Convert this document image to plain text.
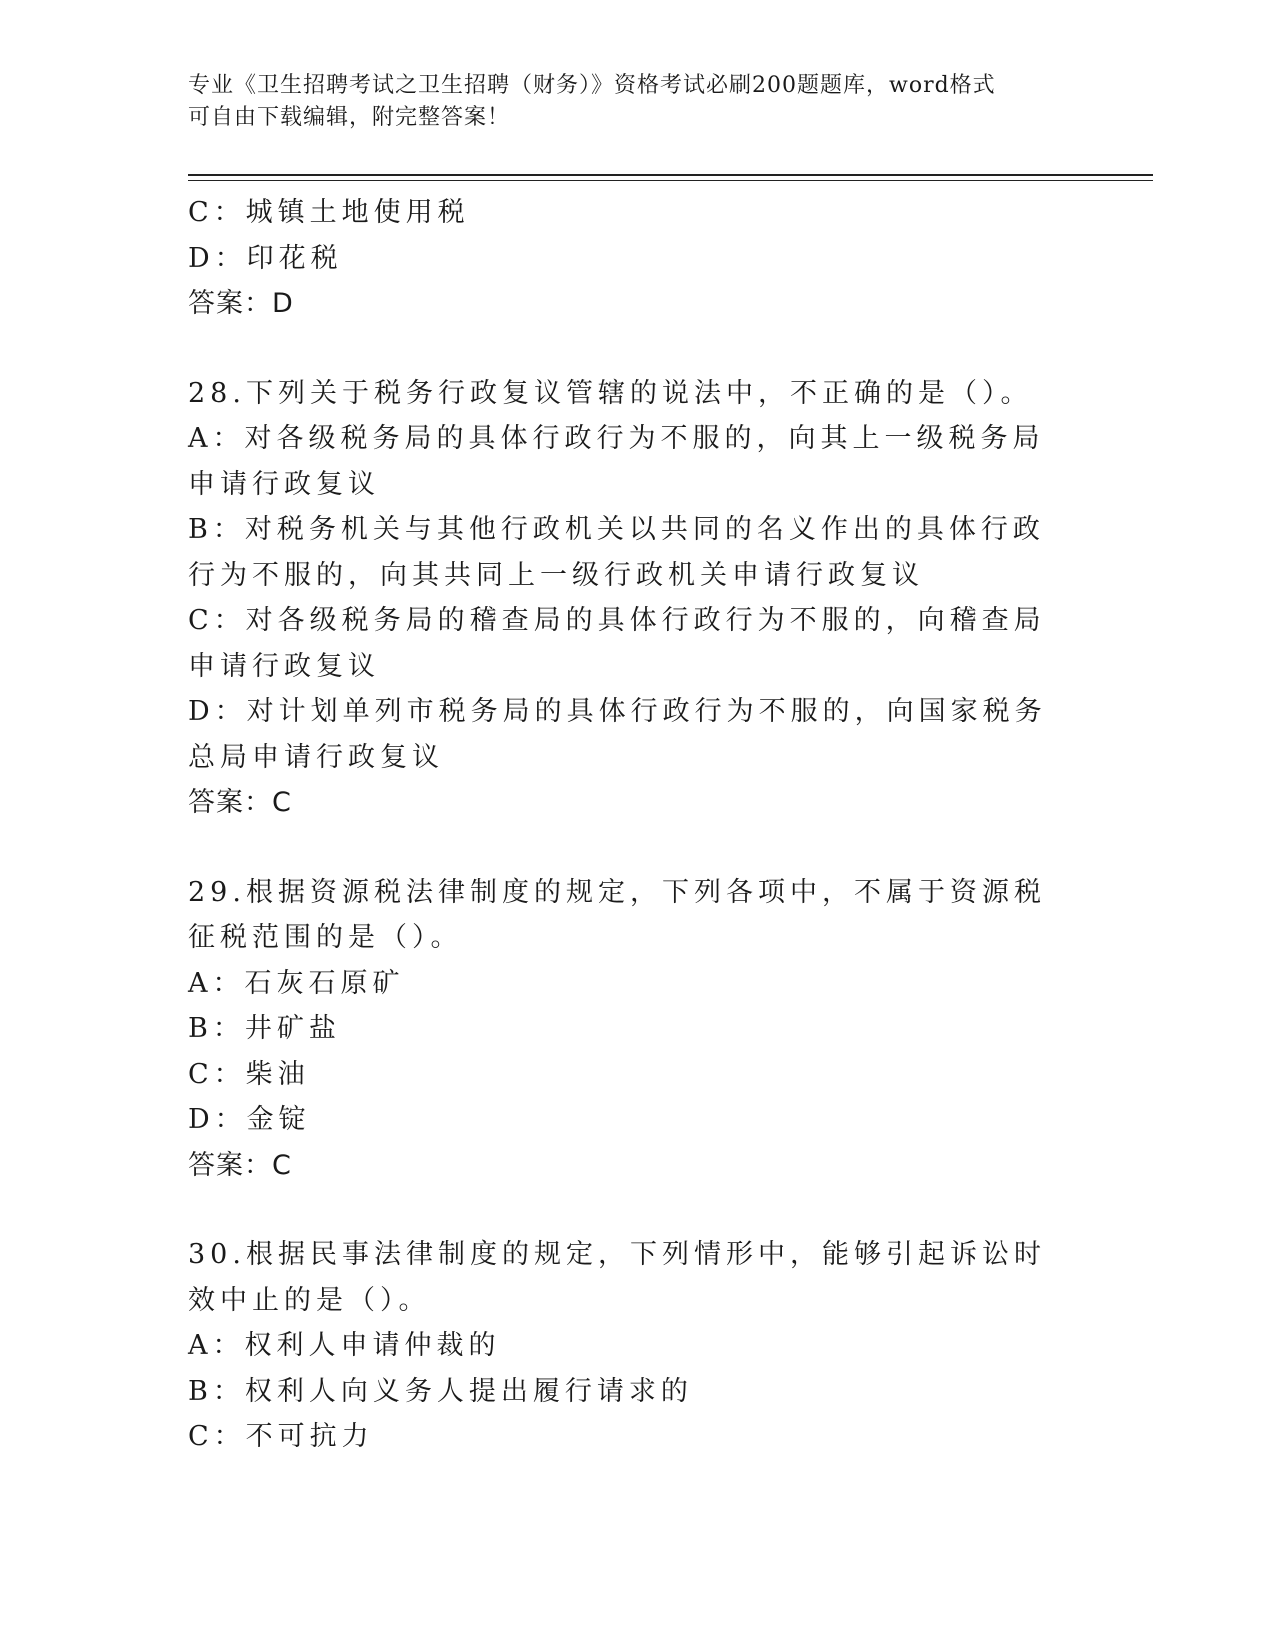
专业《卫生招聘考试之卫生招聘（财务）》资格考试必刷200题题库，word格式
可自由下载编辑，附完整答案！
C：城镇土地使用税
D：印花税
答案：D
28.下列关于税务行政复议管辖的说法中，不正确的是（）。
A：对各级税务局的具体行政行为不服的，向其上一级税务局申请行政复议
B：对税务机关与其他行政机关以共同的名义作出的具体行政行为不服的，向其共同上一级行政机关申请行政复议
C：对各级税务局的稽查局的具体行政行为不服的，向稽查局申请行政复议
D：对计划单列市税务局的具体行政行为不服的，向国家税务总局申请行政复议
答案：C
29.根据资源税法律制度的规定，下列各项中，不属于资源税征税范围的是（）。
A：石灰石原矿
B：井矿盐
C：柴油
D：金锭
答案：C
30.根据民事法律制度的规定，下列情形中，能够引起诉讼时效中止的是（）。
A：权利人申请仲裁的
B：权利人向义务人提出履行请求的
C：不可抗力
